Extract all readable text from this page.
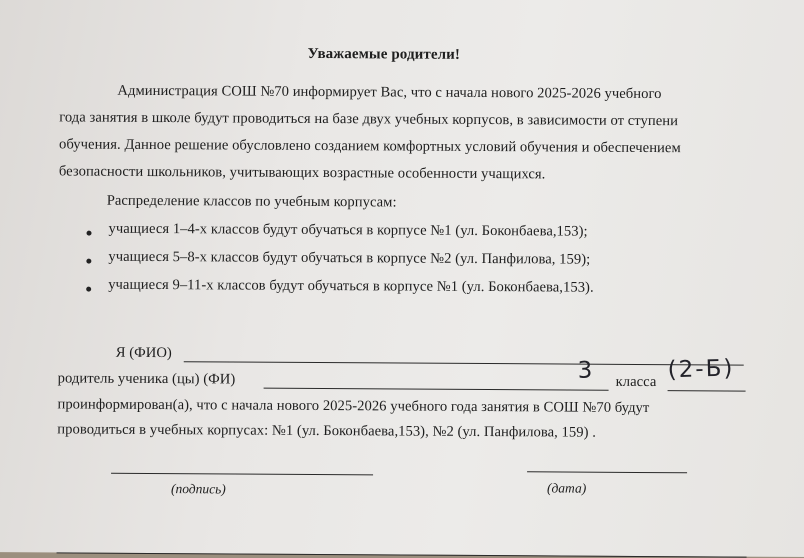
Уважаемые родители!
Администрация СОШ №70 информирует Вас, что с начала нового 2025-2026 учебного
года занятия в школе будут проводиться на базе двух учебных корпусов, в зависимости от ступени
обучения. Данное решение обусловлено созданием комфортных условий обучения и обеспечением
безопасности школьников, учитывающих возрастные особенности учащихся.
Распределение классов по учебным корпусам:
учащиеся 1–4-х классов будут обучаться в корпусе №1 (ул. Боконбаева,153);
учащиеся 5–8-х классов будут обучаться в корпусе №2 (ул. Панфилова, 159);
учащиеся 9–11-х классов будут обучаться в корпусе №1 (ул. Боконбаева,153).
Я (ФИО)
родитель ученика (цы) (ФИ)	3 класса (2-Б)
проинформирован(а), что с начала нового 2025-2026 учебного года занятия в СОШ №70 будут
проводиться в учебных корпусах: №1 (ул. Боконбаева,153), №2 (ул. Панфилова, 159) .
(подпись)	(дата)
